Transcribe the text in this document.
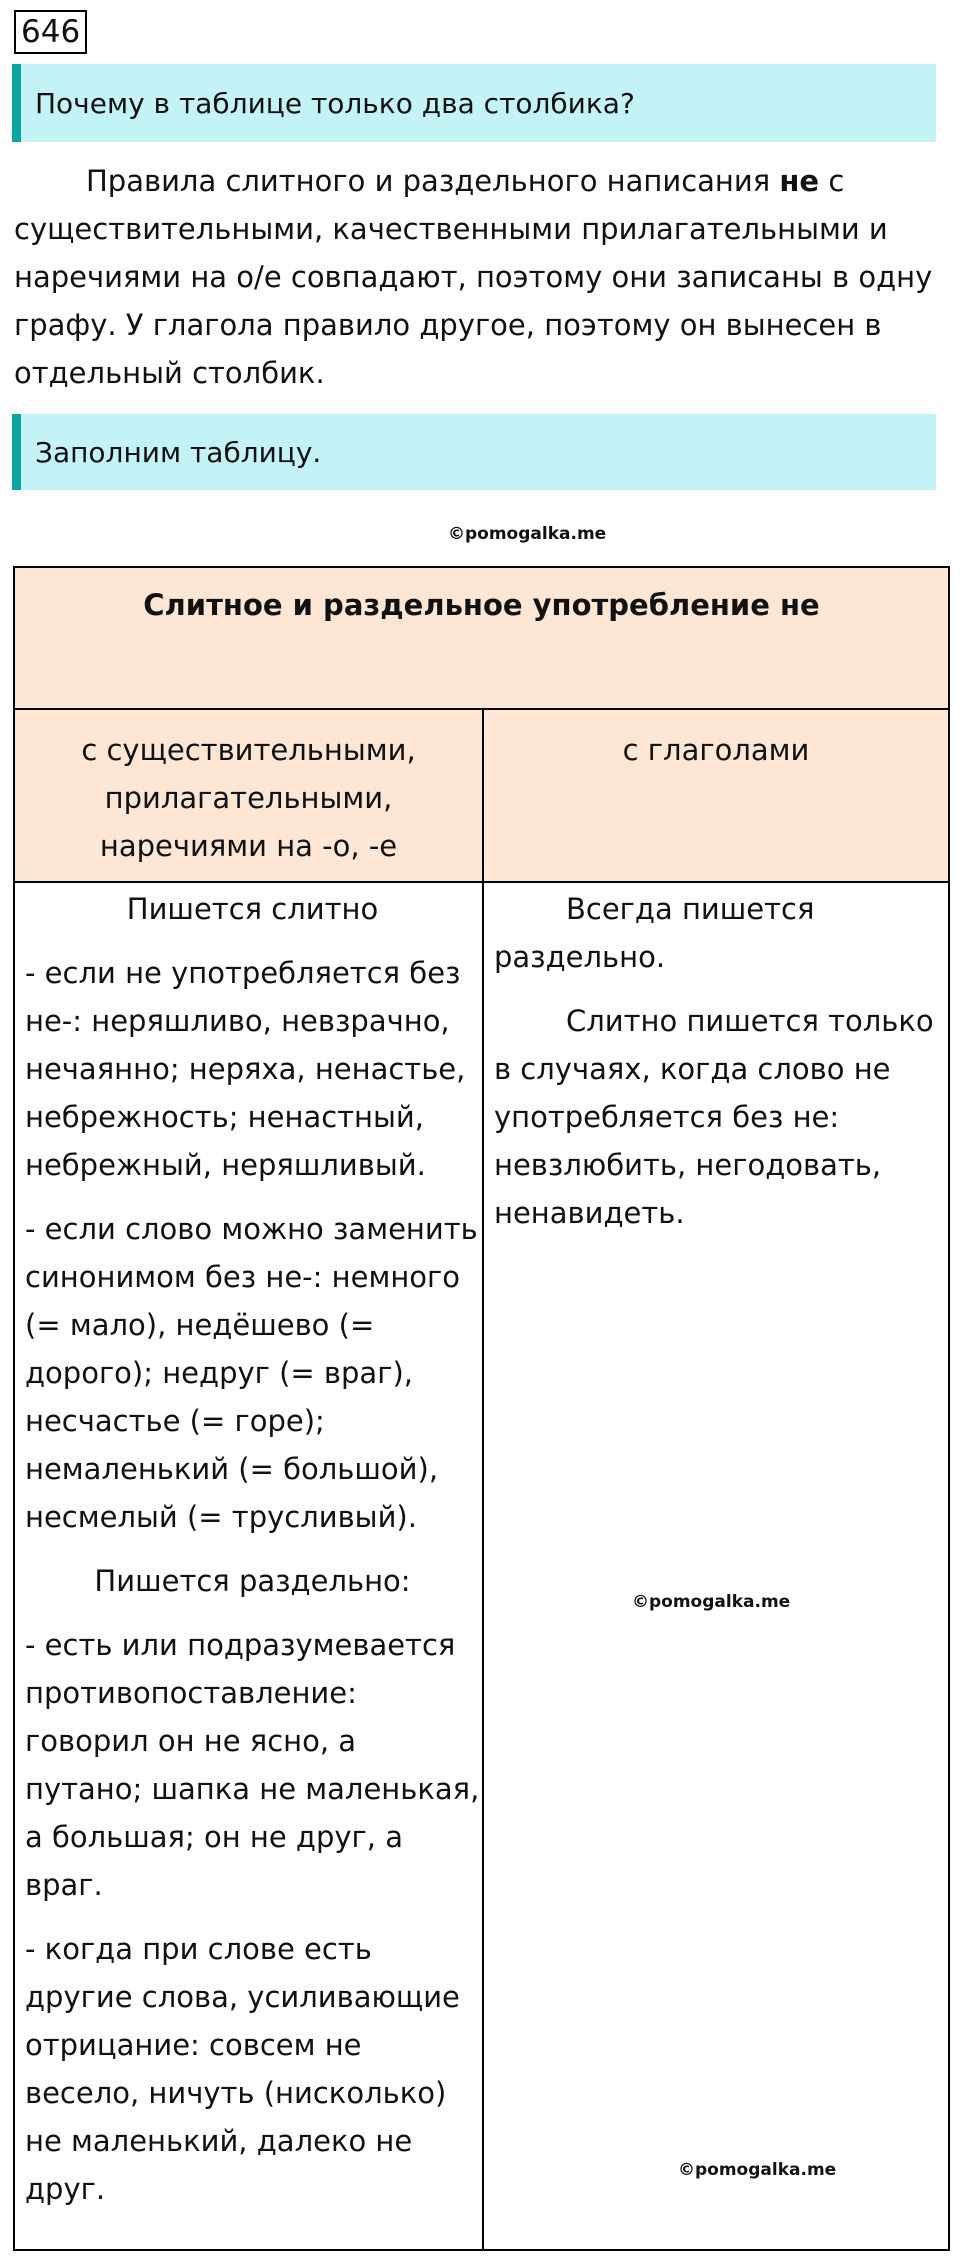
646
Почему в таблице только два столбика?
Правила слитного и раздельного написания не с существительными, качественными прилагательными и наречиями на о/е совпадают, поэтому они записаны в одну графу. У глагола правило другое, поэтому он вынесен в отдельный столбик.
Заполним таблицу.
©pomogalka.me
Слитное и раздельное употребление не
с существительными, прилагательными, наречиями на -о, -е
с глаголами

Пишется слитно

- если не употребляется без не-: неряшливо, невзрачно, нечаянно; неряха, ненастье, небрежность; ненастный, небрежный, неряшливый.

- если слово можно заменить синонимом без не-: немного (= мало), недёшево (= дорого); недруг (= враг), несчастье (= горе); немаленький (= большой), несмелый (= трусливый).

Пишется раздельно:

- есть или подразумевается противопоставление: говорил он не ясно, а путано; шапка не маленькая, а большая; он не друг, а враг.

- когда при слове есть другие слова, усиливающие отрицание: совсем не весело, ничуть (нисколько) не маленький, далеко не друг.

Всегда пишется раздельно.

Слитно пишется только в случаях, когда слово не употребляется без не: невзлюбить, негодовать, ненавидеть.

©pomogalka.me
©pomogalka.me
